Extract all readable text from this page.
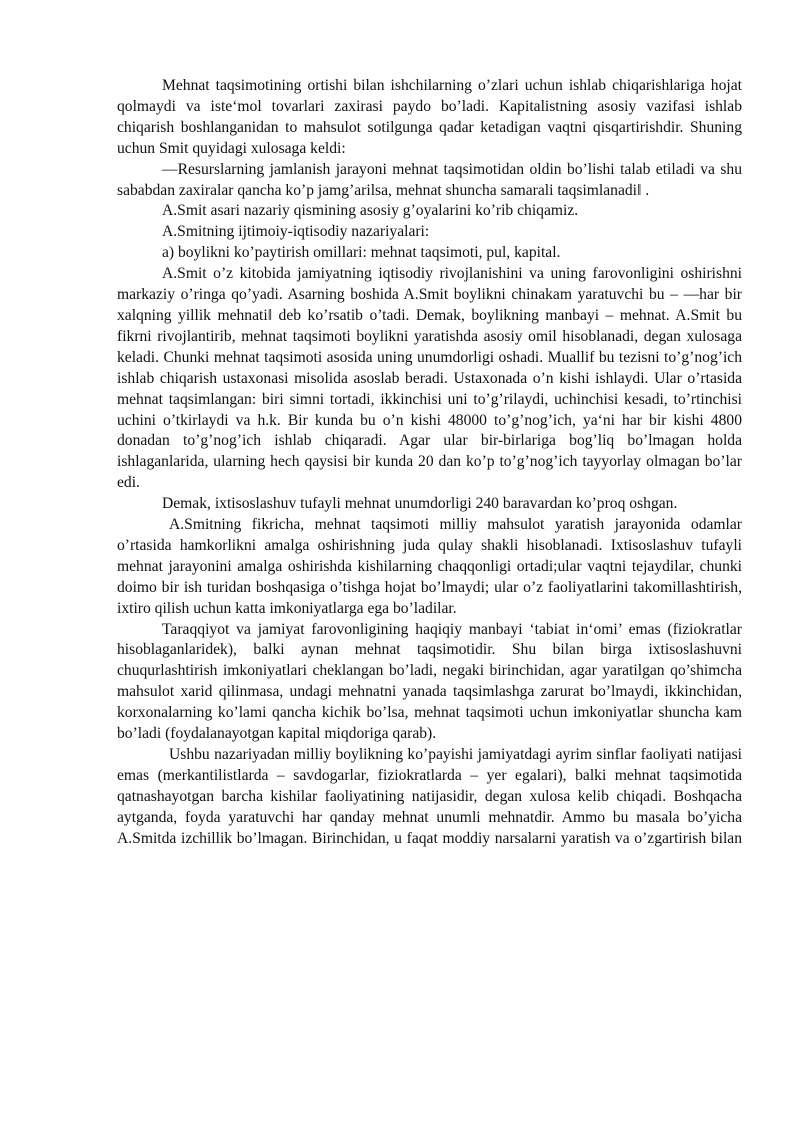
Mehnat taqsimotining ortishi bilan ishchilarning o’zlari uchun ishlab chiqarishlariga hojat qolmaydi va iste‘mol tovarlari zaxirasi paydo bo’ladi. Kapitalistning asosiy vazifasi ishlab chiqarish boshlanganidan to mahsulot sotilgunga qadar ketadigan vaqtni qisqartirishdir. Shuning uchun Smit quyidagi xulosaga keldi:

―Resurslarning jamlanish jarayoni mehnat taqsimotidan oldin bo’lishi talab etiladi va shu sababdan zaxiralar qancha ko’p jamg’arilsa, mehnat shuncha samarali taqsimlanadi‖ .

A.Smit asari nazariy qismining asosiy g’oyalarini ko’rib chiqamiz.

A.Smitning ijtimoiy-iqtisodiy nazariyalari:

a) boylikni ko’paytirish omillari: mehnat taqsimoti, pul, kapital.

A.Smit o’z kitobida jamiyatning iqtisodiy rivojlanishini va uning farovonligini oshirishni markaziy o’ringa qo’yadi. Asarning boshida A.Smit boylikni chinakam yaratuvchi bu – ―har bir xalqning yillik mehnati‖ deb ko’rsatib o’tadi. Demak, boylikning manbayi – mehnat. A.Smit bu fikrni rivojlantirib, mehnat taqsimoti boylikni yaratishda asosiy omil hisoblanadi, degan xulosaga keladi. Chunki mehnat taqsimoti asosida uning unumdorligi oshadi. Muallif bu tezisni to’g’nog’ich ishlab chiqarish ustaxonasi misolida asoslab beradi. Ustaxonada o’n kishi ishlaydi. Ular o’rtasida mehnat taqsimlangan: biri simni tortadi, ikkinchisi uni to’g’rilaydi, uchinchisi kesadi, to’rtinchisi uchini o’tkirlaydi va h.k. Bir kunda bu o’n kishi 48000 to’g’nog’ich, ya‘ni har bir kishi 4800 donadan to’g’nog’ich ishlab chiqaradi. Agar ular bir-birlariga bog’liq bo’lmagan holda ishlaganlarida, ularning hech qaysisi bir kunda 20 dan ko’p to’g’nog’ich tayyorlay olmagan bo’lar edi.

Demak, ixtisoslashuv tufayli mehnat unumdorligi 240 baravardan ko’proq oshgan.

A.Smitning fikricha, mehnat taqsimoti milliy mahsulot yaratish jarayonida odamlar o’rtasida hamkorlikni amalga oshirishning juda qulay shakli hisoblanadi. Ixtisoslashuv tufayli mehnat jarayonini amalga oshirishda kishilarning chaqqonligi ortadi;ular vaqtni tejaydilar, chunki doimo bir ish turidan boshqasiga o’tishga hojat bo’lmaydi; ular o’z faoliyatlarini takomillashtirish, ixtiro qilish uchun katta imkoniyatlarga ega bo’ladilar.

Taraqqiyot va jamiyat farovonligining haqiqiy manbayi ‘tabiat in‘omi’ emas (fiziokratlar hisoblaganlaridek), balki aynan mehnat taqsimotidir. Shu bilan birga ixtisoslashuvni chuqurlashtirish imkoniyatlari cheklangan bo’ladi, negaki birinchidan, agar yaratilgan qo’shimcha mahsulot xarid qilinmasa, undagi mehnatni yanada taqsimlashga zarurat bo’lmaydi, ikkinchidan, korxonalarning ko’lami qancha kichik bo’lsa, mehnat taqsimoti uchun imkoniyatlar shuncha kam bo’ladi (foydalanayotgan kapital miqdoriga qarab).

Ushbu nazariyadan milliy boylikning ko’payishi jamiyatdagi ayrim sinflar faoliyati natijasi emas (merkantilistlarda – savdogarlar, fiziokratlarda – yer egalari), balki mehnat taqsimotida qatnashayotgan barcha kishilar faoliyatining natijasidir, degan xulosa kelib chiqadi. Boshqacha aytganda, foyda yaratuvchi har qanday mehnat unumli mehnatdir. Ammo bu masala bo’yicha A.Smitda izchillik bo’lmagan. Birinchidan, u faqat moddiy narsalarni yaratish va o’zgartirish bilan
